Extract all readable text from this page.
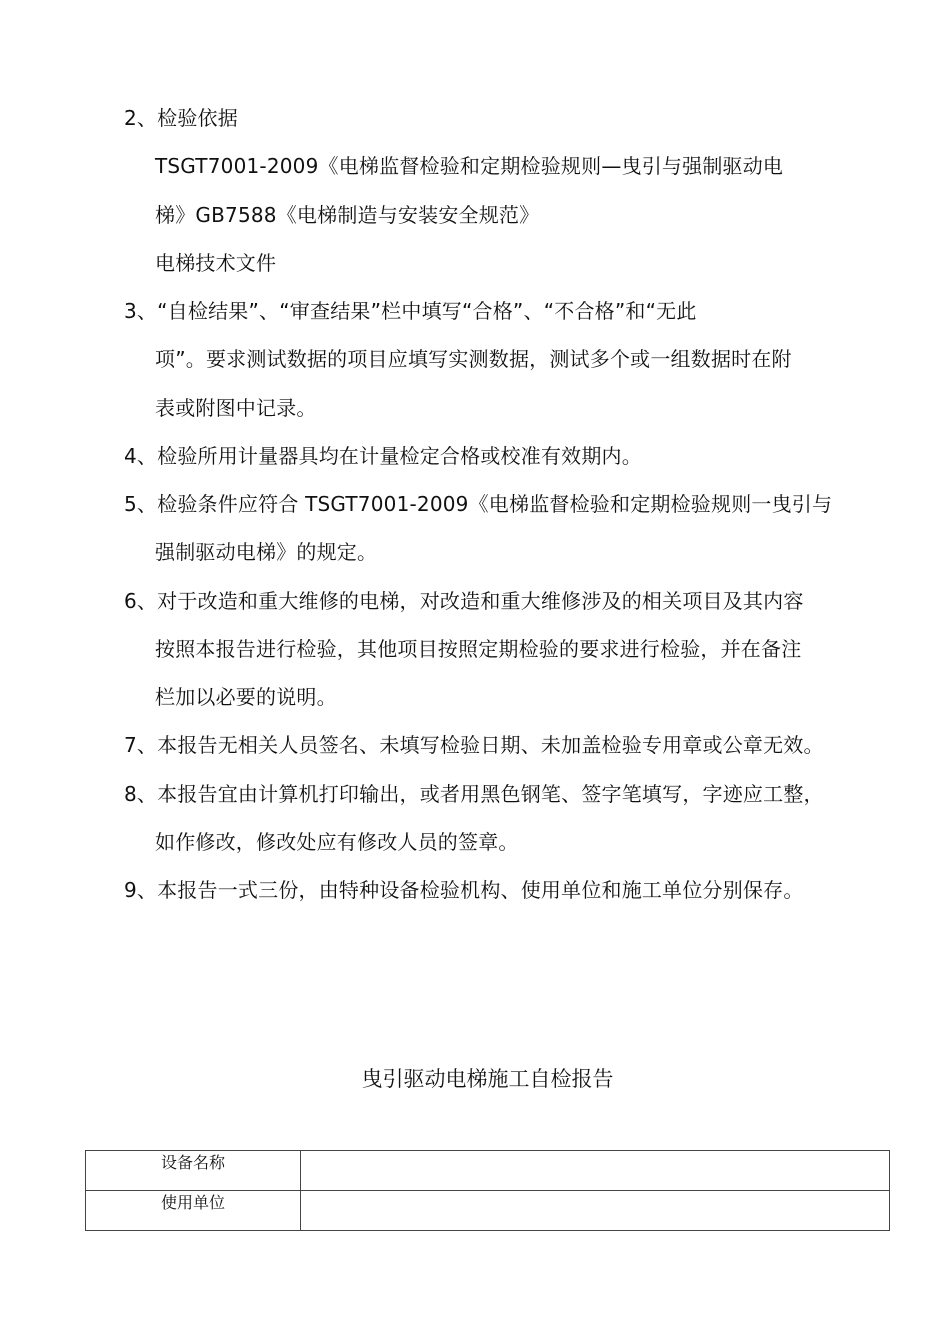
2、检验依据
TSGT7001-2009《电梯监督检验和定期检验规则—曳引与强制驱动电
梯》GB7588《电梯制造与安装安全规范》
电梯技术文件
3、“自检结果”、“审查结果”栏中填写“合格”、“不合格”和“无此
项”。要求测试数据的项目应填写实测数据，测试多个或一组数据时在附
表或附图中记录。
4、检验所用计量器具均在计量检定合格或校准有效期内。
5、检验条件应符合 TSGT7001-2009《电梯监督检验和定期检验规则一曳引与
强制驱动电梯》的规定。
6、对于改造和重大维修的电梯，对改造和重大维修涉及的相关项目及其内容
按照本报告进行检验，其他项目按照定期检验的要求进行检验，并在备注
栏加以必要的说明。
7、本报告无相关人员签名、未填写检验日期、未加盖检验专用章或公章无效。
8、本报告宜由计算机打印输出，或者用黑色钢笔、签字笔填写，字迹应工整，
如作修改，修改处应有修改人员的签章。
9、本报告一式三份，由特种设备检验机构、使用单位和施工单位分别保存。
曳引驱动电梯施工自检报告
设备名称	
使用单位	
